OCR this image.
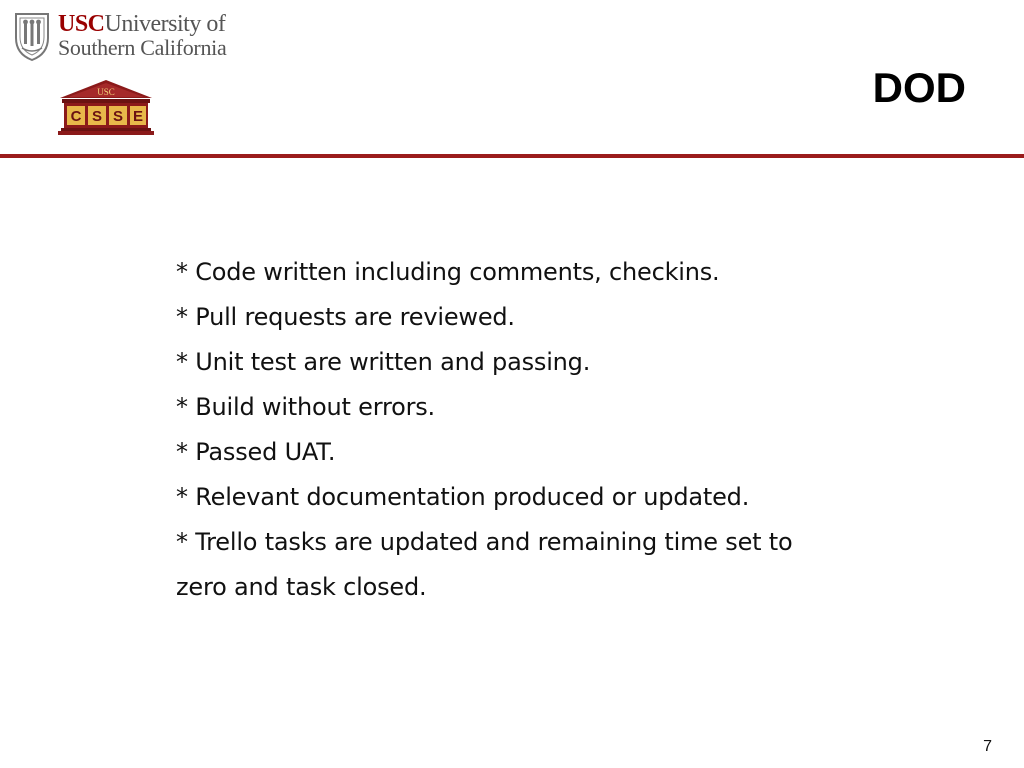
USCUniversity of
Southern California
USC
C S S E
DOD
* Code written including comments, checkins.
* Pull requests are reviewed.
* Unit test are written and passing.
* Build without errors.
* Passed UAT.
* Relevant documentation produced or updated.
* Trello tasks are updated and remaining time set to
zero and task closed.
7
